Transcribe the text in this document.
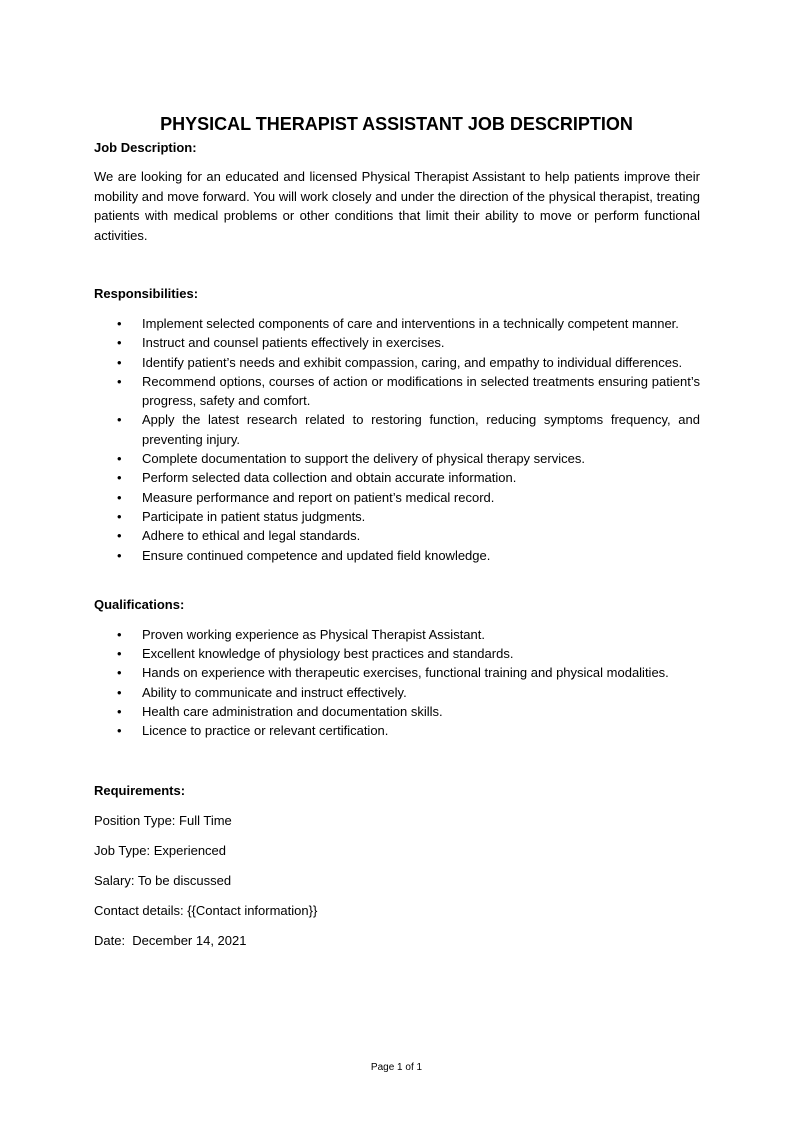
PHYSICAL THERAPIST ASSISTANT JOB DESCRIPTION

Job Description:

We are looking for an educated and licensed Physical Therapist Assistant to help patients improve their mobility and move forward. You will work closely and under the direction of the physical therapist, treating patients with medical problems or other conditions that limit their ability to move or perform functional activities.

Responsibilities:

• Implement selected components of care and interventions in a technically competent manner.
• Instruct and counsel patients effectively in exercises.
• Identify patient’s needs and exhibit compassion, caring, and empathy to individual differences.
• Recommend options, courses of action or modifications in selected treatments ensuring patient’s progress, safety and comfort.
• Apply the latest research related to restoring function, reducing symptoms frequency, and preventing injury.
• Complete documentation to support the delivery of physical therapy services.
• Perform selected data collection and obtain accurate information.
• Measure performance and report on patient’s medical record.
• Participate in patient status judgments.
• Adhere to ethical and legal standards.
• Ensure continued competence and updated field knowledge.

Qualifications:

• Proven working experience as Physical Therapist Assistant.
• Excellent knowledge of physiology best practices and standards.
• Hands on experience with therapeutic exercises, functional training and physical modalities.
• Ability to communicate and instruct effectively.
• Health care administration and documentation skills.
• Licence to practice or relevant certification.

Requirements:

Position Type: Full Time

Job Type: Experienced

Salary: To be discussed

Contact details: {{Contact information}}

Date:  December 14, 2021

Page 1 of 1
